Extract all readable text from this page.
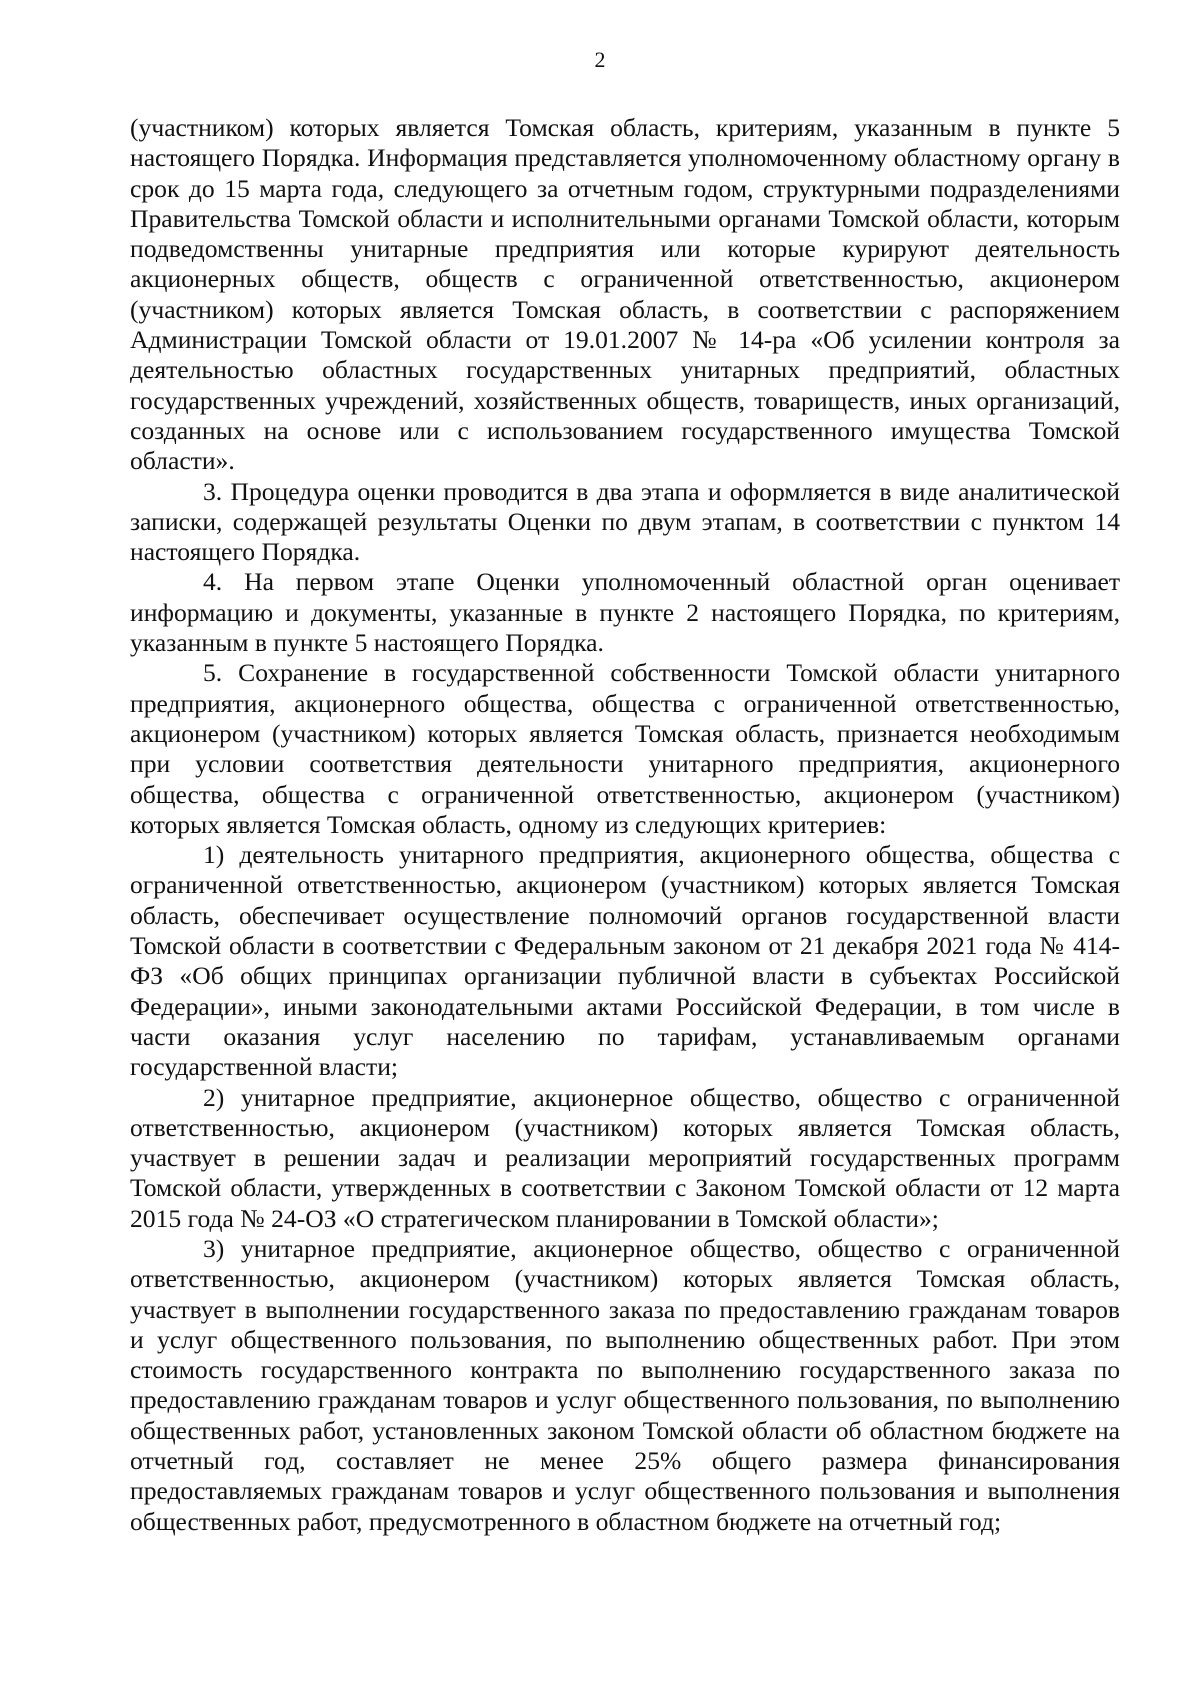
2

(участником) которых является Томская область, критериям, указанным в пункте 5 настоящего Порядка. Информация представляется уполномоченному областному органу в срок до 15 марта года, следующего за отчетным годом, структурными подразделениями Правительства Томской области и исполнительными органами Томской области, которым подведомственны унитарные предприятия или которые курируют деятельность акционерных обществ, обществ с ограниченной ответственностью, акционером (участником) которых является Томская область, в соответствии с распоряжением Администрации Томской области от 19.01.2007 № 14-ра «Об усилении контроля за деятельностью областных государственных унитарных предприятий, областных государственных учреждений, хозяйственных обществ, товариществ, иных организаций, созданных на основе или с использованием государственного имущества Томской области».

3. Процедура оценки проводится в два этапа и оформляется в виде аналитической записки, содержащей результаты Оценки по двум этапам, в соответствии с пунктом 14 настоящего Порядка.

4. На первом этапе Оценки уполномоченный областной орган оценивает информацию и документы, указанные в пункте 2 настоящего Порядка, по критериям, указанным в пункте 5 настоящего Порядка.

5. Сохранение в государственной собственности Томской области унитарного предприятия, акционерного общества, общества с ограниченной ответственностью, акционером (участником) которых является Томская область, признается необходимым при условии соответствия деятельности унитарного предприятия, акционерного общества, общества с ограниченной ответственностью, акционером (участником) которых является Томская область, одному из следующих критериев:

1) деятельность унитарного предприятия, акционерного общества, общества с ограниченной ответственностью, акционером (участником) которых является Томская область, обеспечивает осуществление полномочий органов государственной власти Томской области в соответствии с Федеральным законом от 21 декабря 2021 года № 414-ФЗ «Об общих принципах организации публичной власти в субъектах Российской Федерации», иными законодательными актами Российской Федерации, в том числе в части оказания услуг населению по тарифам, устанавливаемым органами государственной власти;

2) унитарное предприятие, акционерное общество, общество с ограниченной ответственностью, акционером (участником) которых является Томская область, участвует в решении задач и реализации мероприятий государственных программ Томской области, утвержденных в соответствии с Законом Томской области от 12 марта 2015 года № 24-ОЗ «О стратегическом планировании в Томской области»;

3) унитарное предприятие, акционерное общество, общество с ограниченной ответственностью, акционером (участником) которых является Томская область, участвует в выполнении государственного заказа по предоставлению гражданам товаров и услуг общественного пользования, по выполнению общественных работ. При этом стоимость государственного контракта по выполнению государственного заказа по предоставлению гражданам товаров и услуг общественного пользования, по выполнению общественных работ, установленных законом Томской области об областном бюджете на отчетный год, составляет не менее 25% общего размера финансирования предоставляемых гражданам товаров и услуг общественного пользования и выполнения общественных работ, предусмотренного в областном бюджете на отчетный год;
